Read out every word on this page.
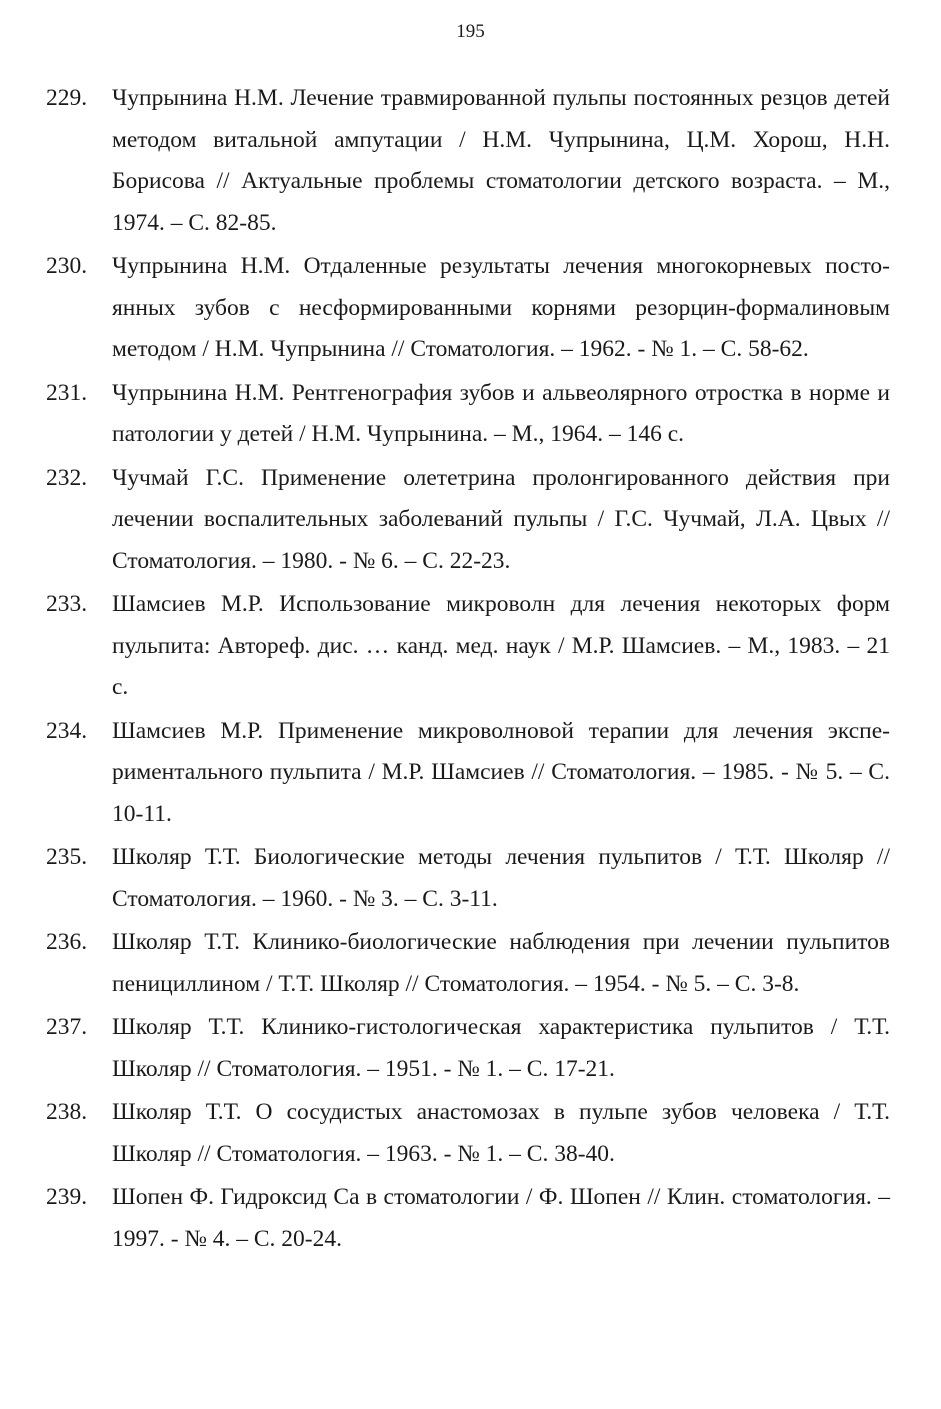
195
229. Чупрынина Н.М. Лечение травмированной пульпы постоянных резцов детей методом витальной ампутации / Н.М. Чупрынина, Ц.М. Хорош, Н.Н. Борисова // Актуальные проблемы стоматологии детского возраста. – М., 1974. – С. 82-85.
230. Чупрынина Н.М. Отдаленные результаты лечения многокорневых постоянных зубов с несформированными корнями резорцин-формалиновым методом / Н.М. Чупрынина // Стоматология. – 1962. - № 1. – С. 58-62.
231. Чупрынина Н.М. Рентгенография зубов и альвеолярного отростка в норме и патологии у детей / Н.М. Чупрынина. – М., 1964. – 146 с.
232. Чучмай Г.С. Применение олететрина пролонгированного действия при лечении воспалительных заболеваний пульпы / Г.С. Чучмай, Л.А. Цвых // Стоматология. – 1980. - № 6. – С. 22-23.
233. Шамсиев М.Р. Использование микроволн для лечения некоторых форм пульпита: Автореф. дис. … канд. мед. наук / М.Р. Шамсиев. – М., 1983. – 21 с.
234. Шамсиев М.Р. Применение микроволновой терапии для лечения экспериментального пульпита / М.Р. Шамсиев // Стоматология. – 1985. - № 5. – С. 10-11.
235. Школяр Т.Т. Биологические методы лечения пульпитов / Т.Т. Школяр //Стоматология. – 1960. - № 3. – С. 3-11.
236. Школяр Т.Т. Клинико-биологические наблюдения при лечении пульпитов пенициллином / Т.Т. Школяр // Стоматология. – 1954. - № 5. – С. 3-8.
237. Школяр Т.Т. Клинико-гистологическая характеристика пульпитов / Т.Т. Школяр // Стоматология. – 1951. - № 1. – С. 17-21.
238. Школяр Т.Т. О сосудистых анастомозах в пульпе зубов человека / Т.Т. Школяр // Стоматология. – 1963. - № 1. – С. 38-40.
239. Шопен Ф. Гидроксид Са в стоматологии / Ф. Шопен // Клин. стоматология. – 1997. - № 4. – С. 20-24.
